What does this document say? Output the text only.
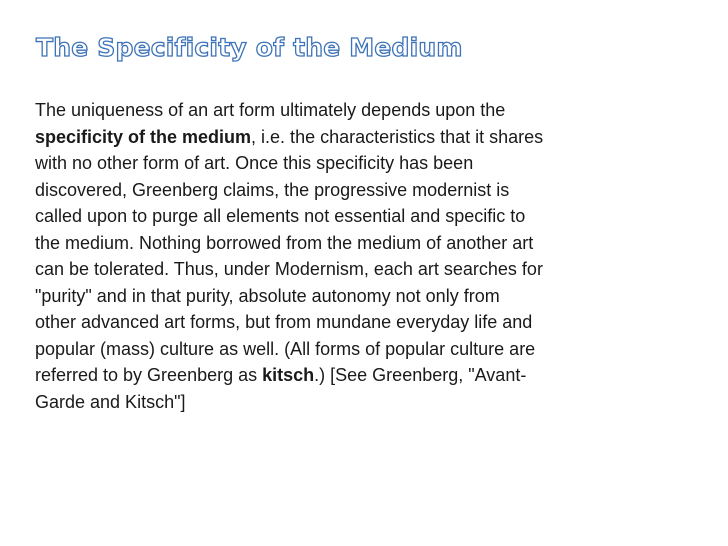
The Specificity of the Medium
The uniqueness of an art form ultimately depends upon the
specificity of the medium, i.e. the characteristics that it shares
with no other form of art. Once this specificity has been
discovered, Greenberg claims, the progressive modernist is
called upon to purge all elements not essential and specific to
the medium. Nothing borrowed from the medium of another art
can be tolerated. Thus, under Modernism, each art searches for
"purity" and in that purity, absolute autonomy not only from
other advanced art forms, but from mundane everyday life and
popular (mass) culture as well. (All forms of popular culture are
referred to by Greenberg as kitsch.) [See Greenberg, "Avant-
Garde and Kitsch"]
